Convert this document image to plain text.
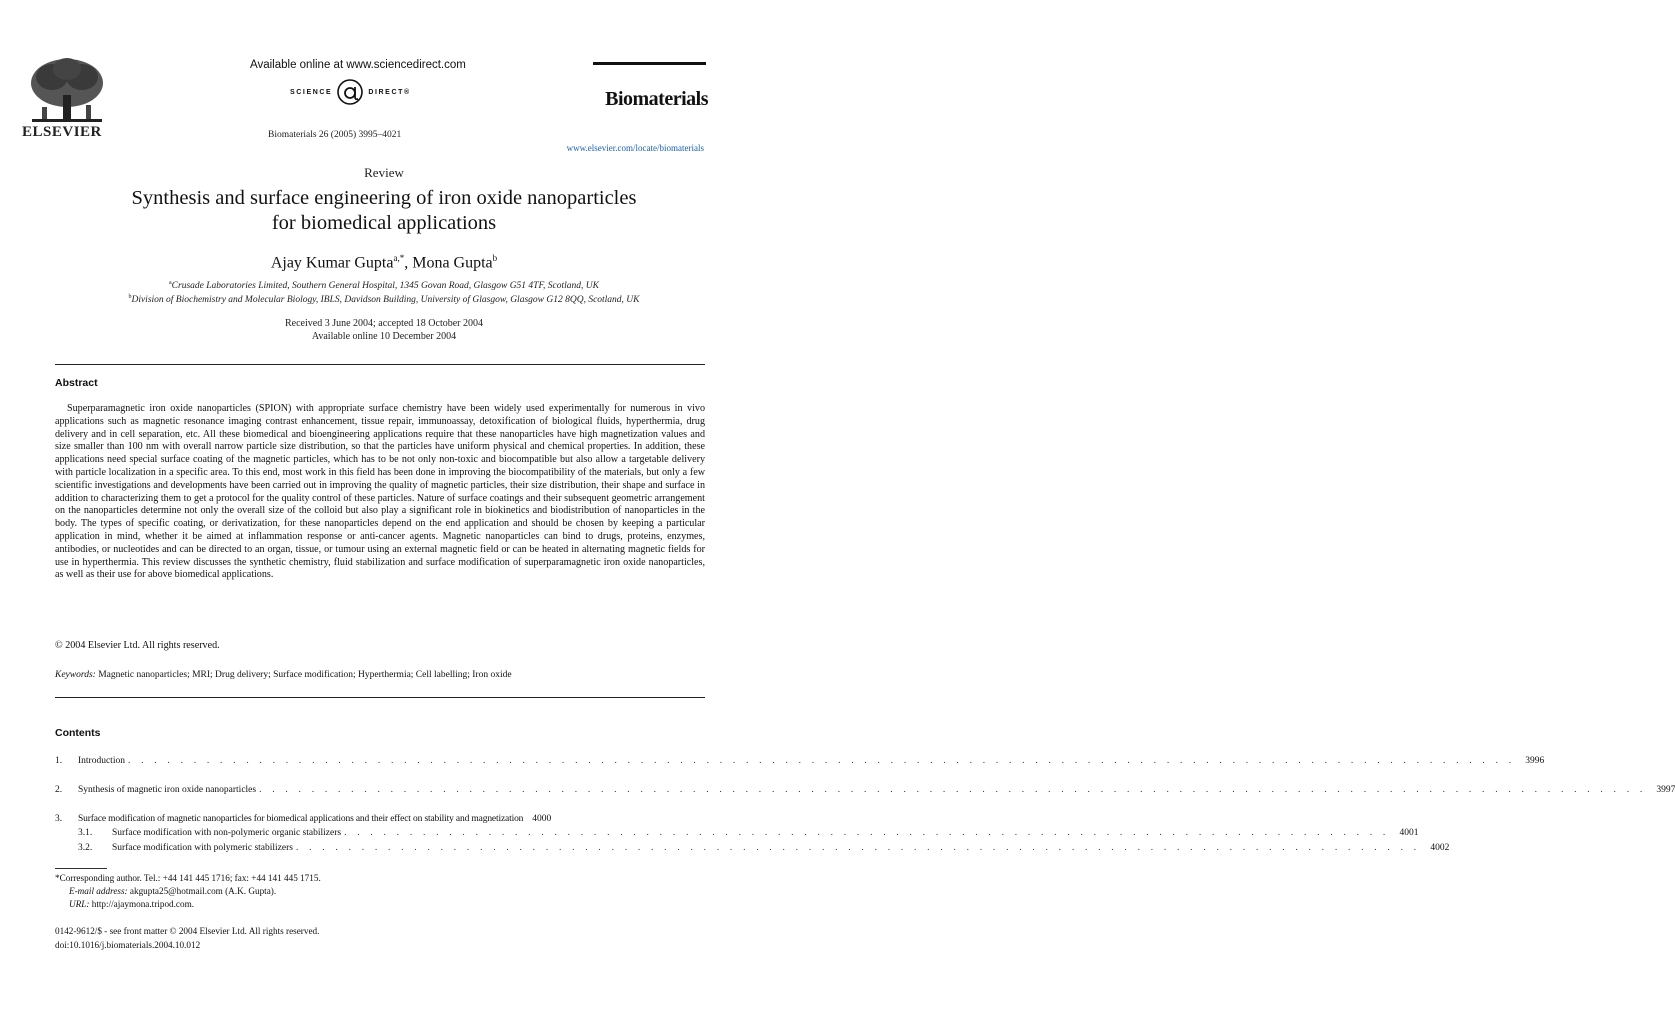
ELSEVIER
Available online at www.sciencedirect.com
SCIENCE	DIRECT®
Biomaterials 26 (2005) 3995–4021
Biomaterials
www.elsevier.com/locate/biomaterials
Review
Synthesis and surface engineering of iron oxide nanoparticles
for biomedical applications
Ajay Kumar Gupta$^{a,*}$, Mona Gupta$^b$
$^a$Crusade Laboratories Limited, Southern General Hospital, 1345 Govan Road, Glasgow G51 4TF, Scotland, UK
$^b$Division of Biochemistry and Molecular Biology, IBLS, Davidson Building, University of Glasgow, Glasgow G12 8QQ, Scotland, UK
Received 3 June 2004; accepted 18 October 2004
Available online 10 December 2004
Abstract

Superparamagnetic iron oxide nanoparticles (SPION) with appropriate surface chemistry have been widely used experimentally for numerous in vivo applications such as magnetic resonance imaging contrast enhancement, tissue repair, immunoassay, detoxification of biological fluids, hyperthermia, drug delivery and in cell separation, etc. All these biomedical and bioengineering applications require that these nanoparticles have high magnetization values and size smaller than 100 nm with overall narrow particle size distribution, so that the particles have uniform physical and chemical properties. In addition, these applications need special surface coating of the magnetic particles, which has to be not only non-toxic and biocompatible but also allow a targetable delivery with particle localization in a specific area. To this end, most work in this field has been done in improving the biocompatibility of the materials, but only a few scientific investigations and developments have been carried out in improving the quality of magnetic particles, their size distribution, their shape and surface in addition to characterizing them to get a protocol for the quality control of these particles. Nature of surface coatings and their subsequent geometric arrangement on the nanoparticles determine not only the overall size of the colloid but also play a significant role in biokinetics and biodistribution of nanoparticles in the body. The types of specific coating, or derivatization, for these nanoparticles depend on the end application and should be chosen by keeping a particular application in mind, whether it be aimed at inflammation response or anti-cancer agents. Magnetic nanoparticles can bind to drugs, proteins, enzymes, antibodies, or nucleotides and can be directed to an organ, tissue, or tumour using an external magnetic field or can be heated in alternating magnetic fields for use in hyperthermia. This review discusses the synthetic chemistry, fluid stabilization and surface modification of superparamagnetic iron oxide nanoparticles, as well as their use for above biomedical applications.

© 2004 Elsevier Ltd. All rights reserved.
Keywords: Magnetic nanoparticles; MRI; Drug delivery; Surface modification; Hyperthermia; Cell labelling; Iron oxide
Contents
1.	Introduction . . . . . . . . . . . . . . . . . . . . . . . . . . . . . . . . . . . . . . . . . . . . . . . . . . . . . . . . . . . . . . . . . . . . . . . . . . . . . . . . . . . . . . . . . . . . . . . . . . . . . . . . . .	3996
2.	Synthesis of magnetic iron oxide nanoparticles . . . . . . . . . . . . . . . . . . . . . . . . . . . . . . . . . . . . . . . . . . . . . . . . . . . . . . . . . . . . . . . . . . . . . . . . . . . . . . . . . . . . . . . . . . . . . . . . . . . . . . . . . .	3997
3.	Surface modification of magnetic nanoparticles for biomedical applications and their effect on stability and magnetization 4000
3.1.	Surface modification with non-polymeric organic stabilizers . . . . . . . . . . . . . . . . . . . . . . . . . . . . . . . . . . . . . . . . . . . . . . . . . . . . . . . . . . . . . . . . . . . . . . . . . . . . . . . .	4001
3.2.	Surface modification with polymeric stabilizers . . . . . . . . . . . . . . . . . . . . . . . . . . . . . . . . . . . . . . . . . . . . . . . . . . . . . . . . . . . . . . . . . . . . . . . . . . . . . . . . . . . . . .	4002
*Corresponding author. Tel.: +44 141 445 1716; fax: +44 141 445 1715.
E-mail address: akgupta25@hotmail.com (A.K. Gupta).
URL: http://ajaymona.tripod.com.
0142-9612/$ - see front matter © 2004 Elsevier Ltd. All rights reserved.
doi:10.1016/j.biomaterials.2004.10.012
